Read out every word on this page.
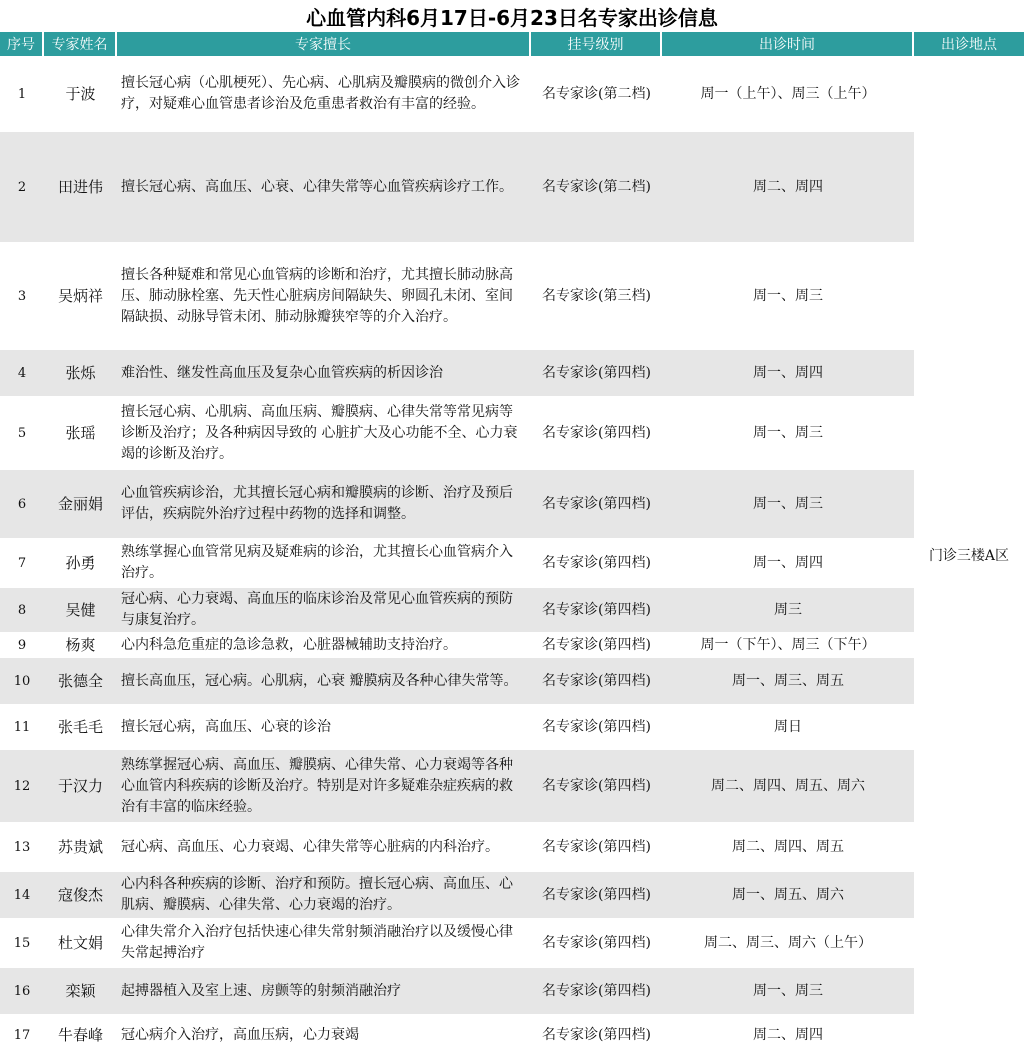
心血管内科6月17日-6月23日名专家出诊信息
序号	专家姓名	专家擅长	挂号级别	出诊时间	出诊地点
1	于波	擅长冠心病（心肌梗死）、先心病、心肌病及瓣膜病的微创介入诊疗，对疑难心血管患者诊治及危重患者救治有丰富的经验。	名专家诊(第二档)	周一（上午）、周三（上午）	门诊三楼A区
2	田进伟	擅长冠心病、高血压、心衰、心律失常等心血管疾病诊疗工作。	名专家诊(第二档)	周二、周四	
3	吴炳祥	擅长各种疑难和常见心血管病的诊断和治疗，尤其擅长肺动脉高压、肺动脉栓塞、先天性心脏病房间隔缺失、卵圆孔未闭、室间隔缺损、动脉导管未闭、肺动脉瓣狭窄等的介入治疗。	名专家诊(第三档)	周一、周三	
4	张烁	难治性、继发性高血压及复杂心血管疾病的析因诊治	名专家诊(第四档)	周一、周四	
5	张瑶	擅长冠心病、心肌病、高血压病、瓣膜病、心律失常等常见病等诊断及治疗；及各种病因导致的 心脏扩大及心功能不全、心力衰竭的诊断及治疗。	名专家诊(第四档)	周一、周三	
6	金丽娟	心血管疾病诊治，尤其擅长冠心病和瓣膜病的诊断、治疗及预后评估，疾病院外治疗过程中药物的选择和调整。	名专家诊(第四档)	周一、周三	
7	孙勇	熟练掌握心血管常见病及疑难病的诊治，尤其擅长心血管病介入治疗。	名专家诊(第四档)	周一、周四	
8	吴健	冠心病、心力衰竭、高血压的临床诊治及常见心血管疾病的预防与康复治疗。	名专家诊(第四档)	周三	
9	杨爽	心内科急危重症的急诊急救，心脏器械辅助支持治疗。	名专家诊(第四档)	周一（下午）、周三（下午）	
10	张德全	擅长高血压，冠心病。心肌病，心衰 瓣膜病及各种心律失常等。	名专家诊(第四档)	周一、周三、周五	
11	张毛毛	擅长冠心病，高血压、心衰的诊治	名专家诊(第四档)	周日	
12	于汉力	熟练掌握冠心病、高血压、瓣膜病、心律失常、心力衰竭等各种心血管内科疾病的诊断及治疗。特别是对许多疑难杂症疾病的救治有丰富的临床经验。	名专家诊(第四档)	周二、周四、周五、周六	
13	苏贵斌	冠心病、高血压、心力衰竭、心律失常等心脏病的内科治疗。	名专家诊(第四档)	周二、周四、周五	
14	寇俊杰	心内科各种疾病的诊断、治疗和预防。擅长冠心病、高血压、心肌病、瓣膜病、心律失常、心力衰竭的治疗。	名专家诊(第四档)	周一、周五、周六	
15	杜文娟	心律失常介入治疗包括快速心律失常射频消融治疗以及缓慢心律失常起搏治疗	名专家诊(第四档)	周二、周三、周六（上午）	
16	栾颖	起搏器植入及室上速、房颤等的射频消融治疗	名专家诊(第四档)	周一、周三	
17	牛春峰	冠心病介入治疗，高血压病，心力衰竭	名专家诊(第四档)	周二、周四	
